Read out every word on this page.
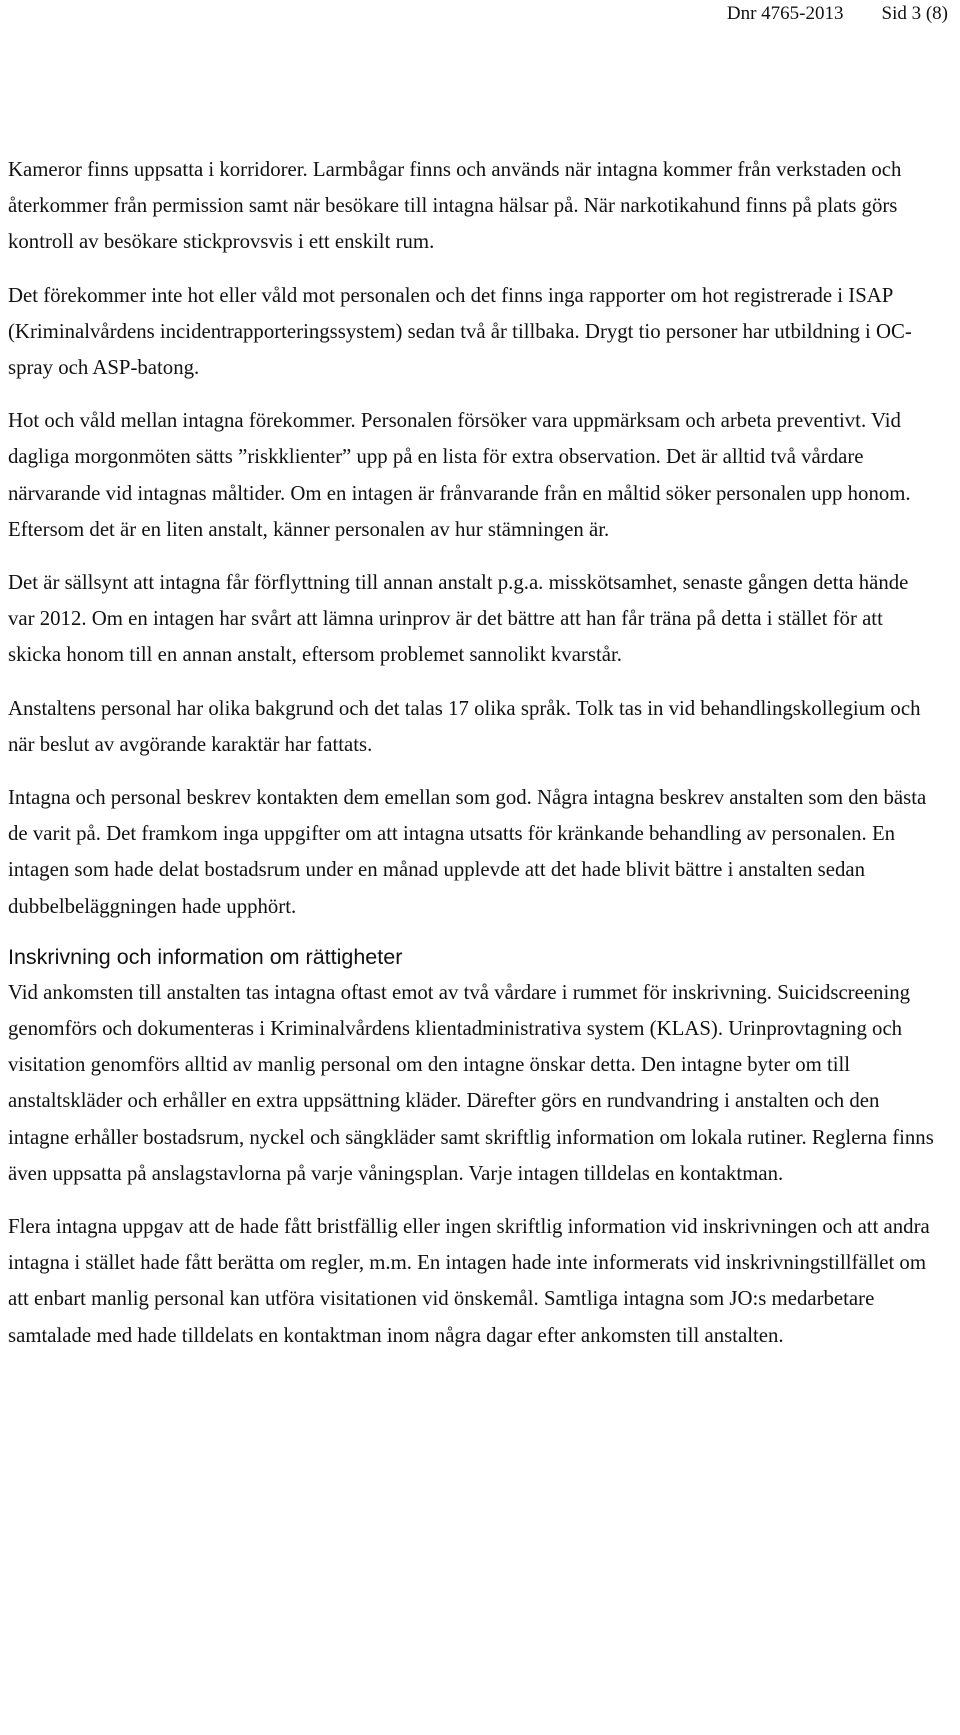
Dnr 4765-2013 Sid 3 (8)

Kameror finns uppsatta i korridorer. Larmbågar finns och används när intagna kommer från verkstaden och återkommer från permission samt när besökare till intagna hälsar på. När narkotikahund finns på plats görs kontroll av besökare stickprovsvis i ett enskilt rum.

Det förekommer inte hot eller våld mot personalen och det finns inga rapporter om hot registrerade i ISAP (Kriminalvårdens incidentrapporteringssystem) sedan två år tillbaka. Drygt tio personer har utbildning i OC-spray och ASP-batong.

Hot och våld mellan intagna förekommer. Personalen försöker vara uppmärksam och arbeta preventivt. Vid dagliga morgonmöten sätts ”riskklienter” upp på en lista för extra observation. Det är alltid två vårdare närvarande vid intagnas måltider. Om en intagen är frånvarande från en måltid söker personalen upp honom. Eftersom det är en liten anstalt, känner personalen av hur stämningen är.

Det är sällsynt att intagna får förflyttning till annan anstalt p.g.a. misskötsamhet, senaste gången detta hände var 2012. Om en intagen har svårt att lämna urinprov är det bättre att han får träna på detta i stället för att skicka honom till en annan anstalt, eftersom problemet sannolikt kvarstår.

Anstaltens personal har olika bakgrund och det talas 17 olika språk. Tolk tas in vid behandlingskollegium och när beslut av avgörande karaktär har fattats.

Intagna och personal beskrev kontakten dem emellan som god. Några intagna beskrev anstalten som den bästa de varit på. Det framkom inga uppgifter om att intagna utsatts för kränkande behandling av personalen. En intagen som hade delat bostadsrum under en månad upplevde att det hade blivit bättre i anstalten sedan dubbelbeläggningen hade upphört.

Inskrivning och information om rättigheter

Vid ankomsten till anstalten tas intagna oftast emot av två vårdare i rummet för inskrivning. Suicidscreening genomförs och dokumenteras i Kriminalvårdens klientadministrativa system (KLAS). Urinprovtagning och visitation genomförs alltid av manlig personal om den intagne önskar detta. Den intagne byter om till anstaltskläder och erhåller en extra uppsättning kläder. Därefter görs en rundvandring i anstalten och den intagne erhåller bostadsrum, nyckel och sängkläder samt skriftlig information om lokala rutiner. Reglerna finns även uppsatta på anslagstavlorna på varje våningsplan. Varje intagen tilldelas en kontaktman.

Flera intagna uppgav att de hade fått bristfällig eller ingen skriftlig information vid inskrivningen och att andra intagna i stället hade fått berätta om regler, m.m. En intagen hade inte informerats vid inskrivningstillfället om att enbart manlig personal kan utföra visitationen vid önskemål. Samtliga intagna som JO:s medarbetare samtalade med hade tilldelats en kontaktman inom några dagar efter ankomsten till anstalten.
